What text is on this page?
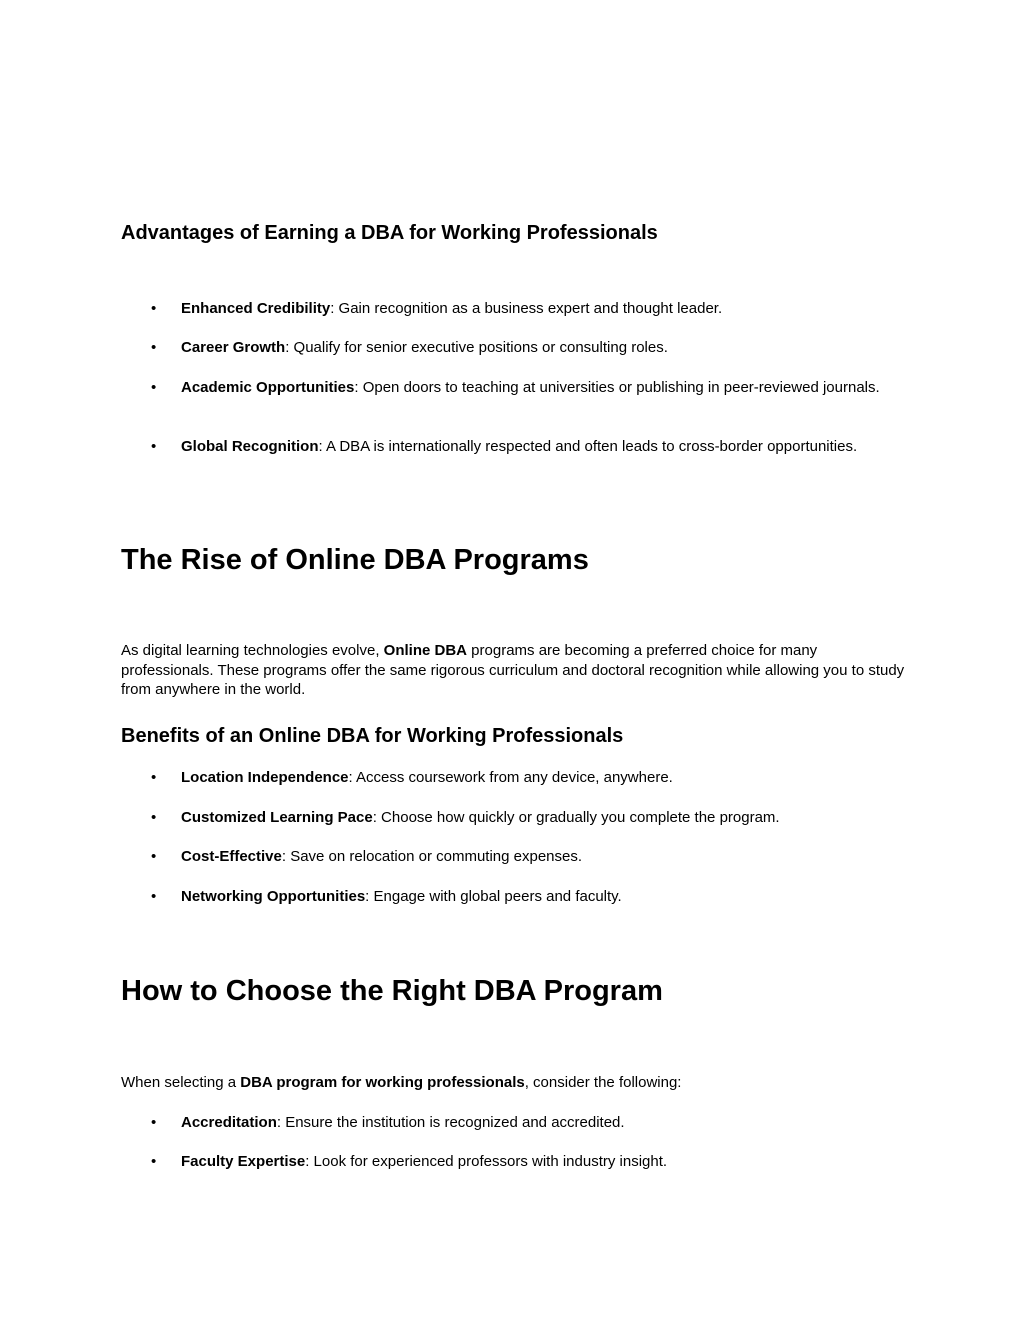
Advantages of Earning a DBA for Working Professionals
• Enhanced Credibility: Gain recognition as a business expert and thought leader.
• Career Growth: Qualify for senior executive positions or consulting roles.
• Academic Opportunities: Open doors to teaching at universities or publishing in peer-reviewed journals.
• Global Recognition: A DBA is internationally respected and often leads to cross-border opportunities.
The Rise of Online DBA Programs

As digital learning technologies evolve, Online DBA programs are becoming a preferred choice for many professionals. These programs offer the same rigorous curriculum and doctoral recognition while allowing you to study from anywhere in the world.

Benefits of an Online DBA for Working Professionals
• Location Independence: Access coursework from any device, anywhere.
• Customized Learning Pace: Choose how quickly or gradually you complete the program.
• Cost-Effective: Save on relocation or commuting expenses.
• Networking Opportunities: Engage with global peers and faculty.
How to Choose the Right DBA Program

When selecting a DBA program for working professionals, consider the following:

• Accreditation: Ensure the institution is recognized and accredited.
• Faculty Expertise: Look for experienced professors with industry insight.
